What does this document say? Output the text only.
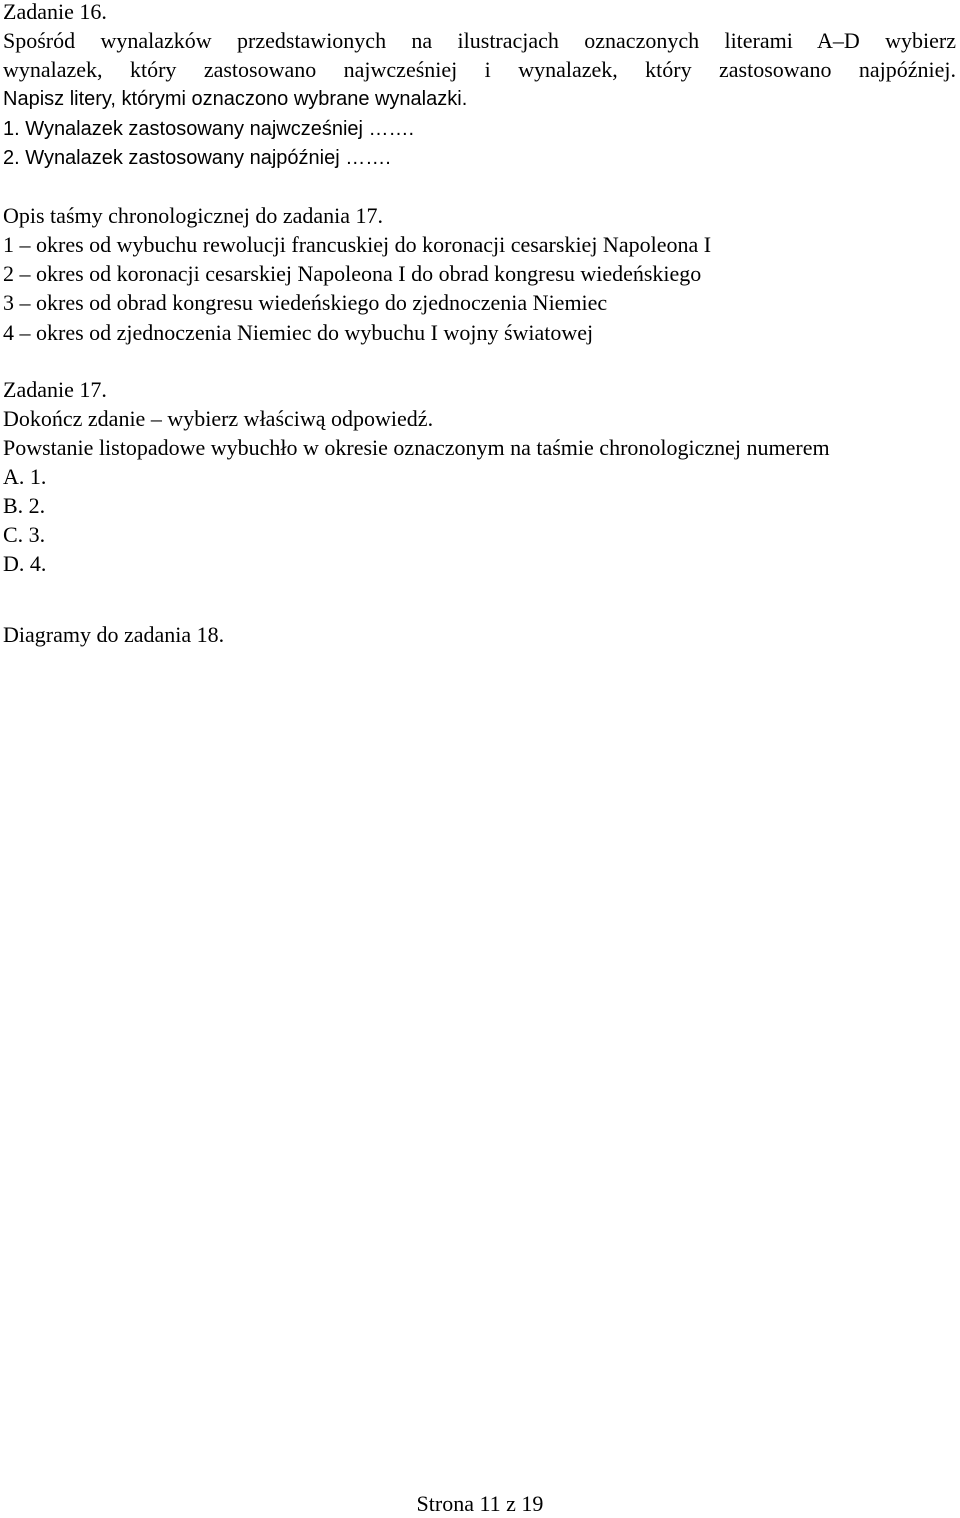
Zadanie 16.
Spośród wynalazków przedstawionych na ilustracjach oznaczonych literami A–D wybierz
wynalazek, który zastosowano najwcześniej i wynalazek, który zastosowano najpóźniej.
Napisz litery, którymi oznaczono wybrane wynalazki.
1. Wynalazek zastosowany najwcześniej …….
2. Wynalazek zastosowany najpóźniej …….
Opis taśmy chronologicznej do zadania 17.
1 – okres od wybuchu rewolucji francuskiej do koronacji cesarskiej Napoleona I
2 – okres od koronacji cesarskiej Napoleona I do obrad kongresu wiedeńskiego
3 – okres od obrad kongresu wiedeńskiego do zjednoczenia Niemiec
4 – okres od zjednoczenia Niemiec do wybuchu I wojny światowej
Zadanie 17.
Dokończ zdanie – wybierz właściwą odpowiedź.
Powstanie listopadowe wybuchło w okresie oznaczonym na taśmie chronologicznej numerem
A. 1.
B. 2.
C. 3.
D. 4.
Diagramy do zadania 18.
Strona 11 z 19
